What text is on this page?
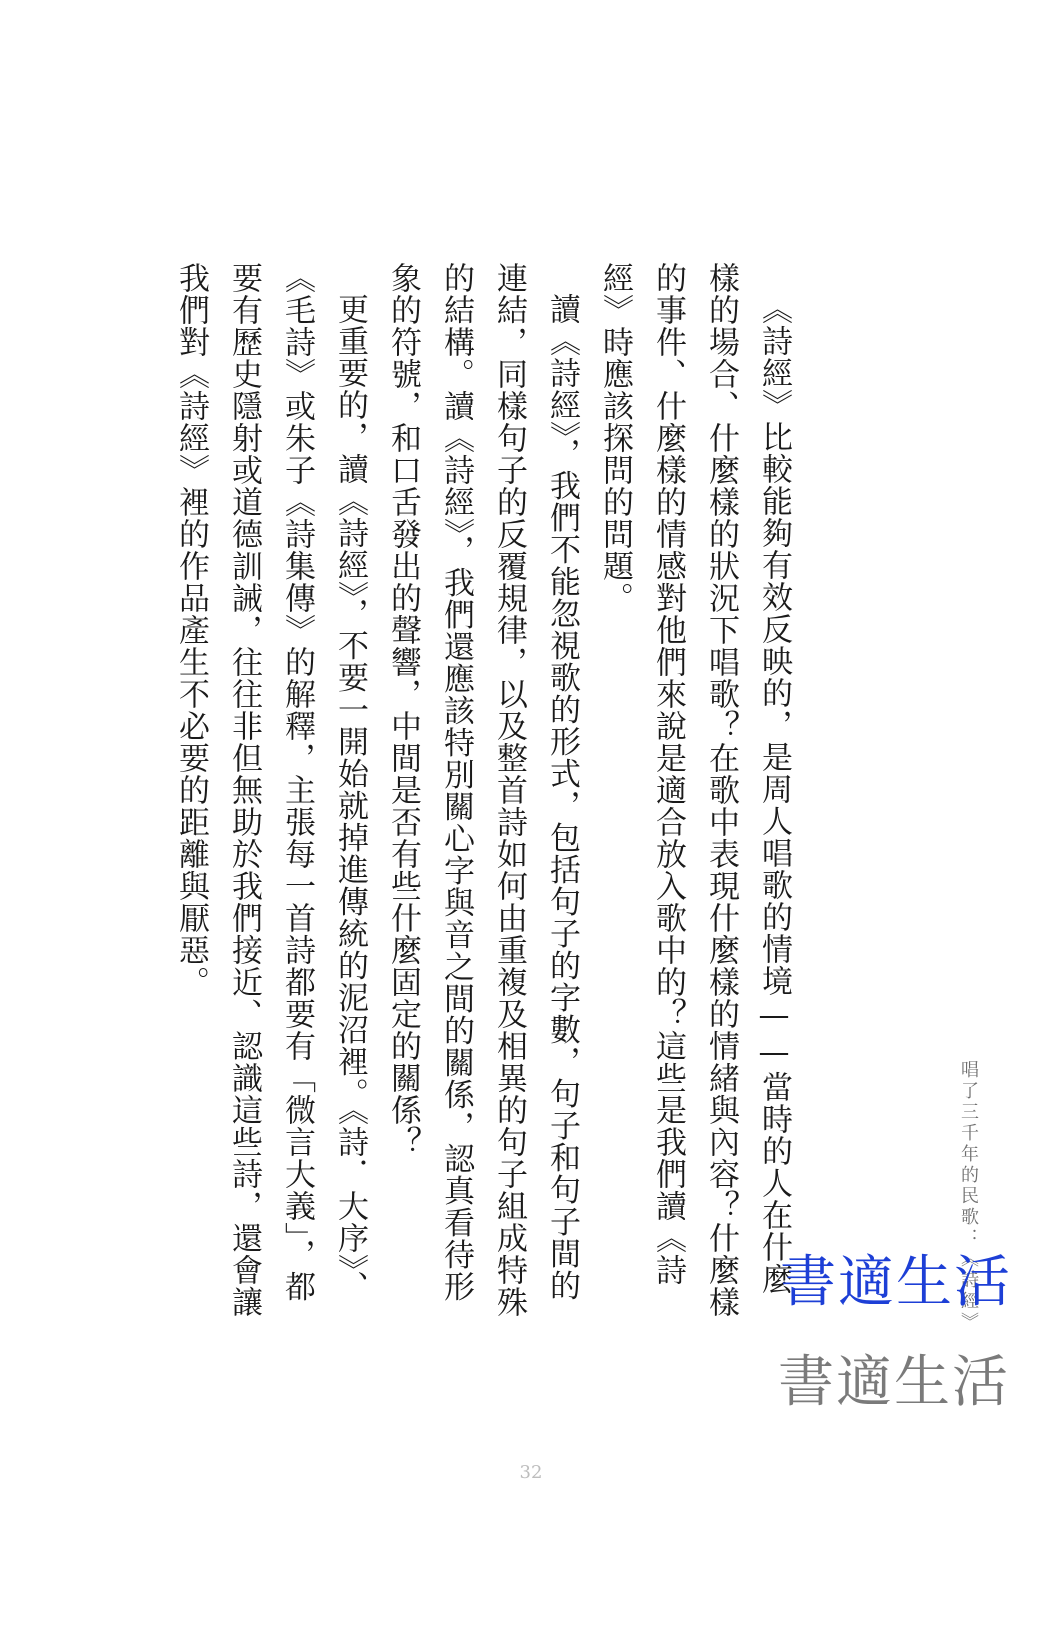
唱了三千年的民歌：《詩經》

《詩經》比較能夠有效反映的，是周人唱歌的情境——當時的人在什麼樣的場合、什麼樣的狀況下唱歌？在歌中表現什麼樣的情緒與內容？什麼樣的事件、什麼樣的情感對他們來說是適合放入歌中的？這些是我們讀《詩經》時應該探問的問題。

讀《詩經》，我們不能忽視歌的形式，包括句子的字數，句子和句子間的連結，同樣句子的反覆規律，以及整首詩如何由重複及相異的句子組成特殊的結構。讀《詩經》，我們還應該特別關心字與音之間的關係，認真看待形象的符號，和口舌發出的聲響，中間是否有些什麼固定的關係？

更重要的，讀《詩經》，不要一開始就掉進傳統的泥沼裡。《詩．大序》、《毛詩》或朱子《詩集傳》的解釋，主張每一首詩都要有「微言大義」，都要有歷史隱射或道德訓誡，往往非但無助於我們接近、認識這些詩，還會讓我們對《詩經》裡的作品產生不必要的距離與厭惡。

書適生活
書適生活
32
